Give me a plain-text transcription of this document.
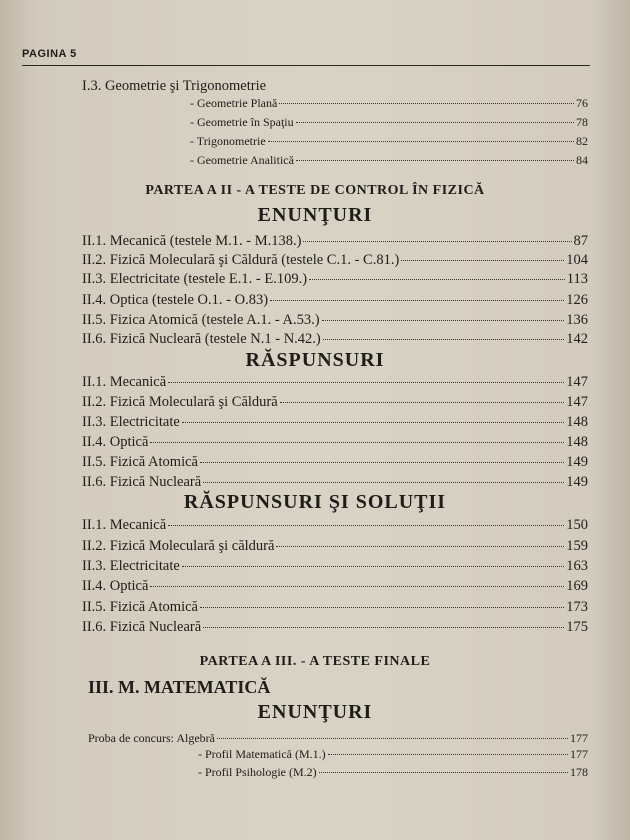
PAGINA 5
I.3. Geometrie şi Trigonometrie
- Geometrie Plană	76
- Geometrie în Spaţiu	78
- Trigonometrie	82
- Geometrie Analitică	84
PARTEA A II - A TESTE DE CONTROL ÎN FIZICĂ
ENUNŢURI
II.1. Mecanică (testele M.1. - M.138.)	87
II.2. Fizică Moleculară şi Căldură (testele C.1. - C.81.)	104
II.3. Electricitate (testele E.1. - E.109.)	113
II.4. Optica (testele O.1. - O.83)	126
II.5. Fizica Atomică (testele A.1. - A.53.)	136
II.6. Fizică Nucleară (testele N.1 - N.42.)	142
RĂSPUNSURI
II.1. Mecanică	147
II.2. Fizică Moleculară şi Căldură	147
II.3. Electricitate	148
II.4. Optică	148
II.5. Fizică Atomică	149
II.6. Fizică Nucleară	149
RĂSPUNSURI ŞI SOLUŢII
II.1. Mecanică	150
II.2. Fizică Moleculară şi căldură	159
II.3. Electricitate	163
II.4. Optică	169
II.5. Fizică Atomică	173
II.6. Fizică Nucleară	175
PARTEA A III. - A TESTE FINALE
III. M. MATEMATICĂ
ENUNŢURI
Proba de concurs: Algebră	177
- Profil Matematică (M.1.)	177
- Profil Psihologie (M.2)	178
